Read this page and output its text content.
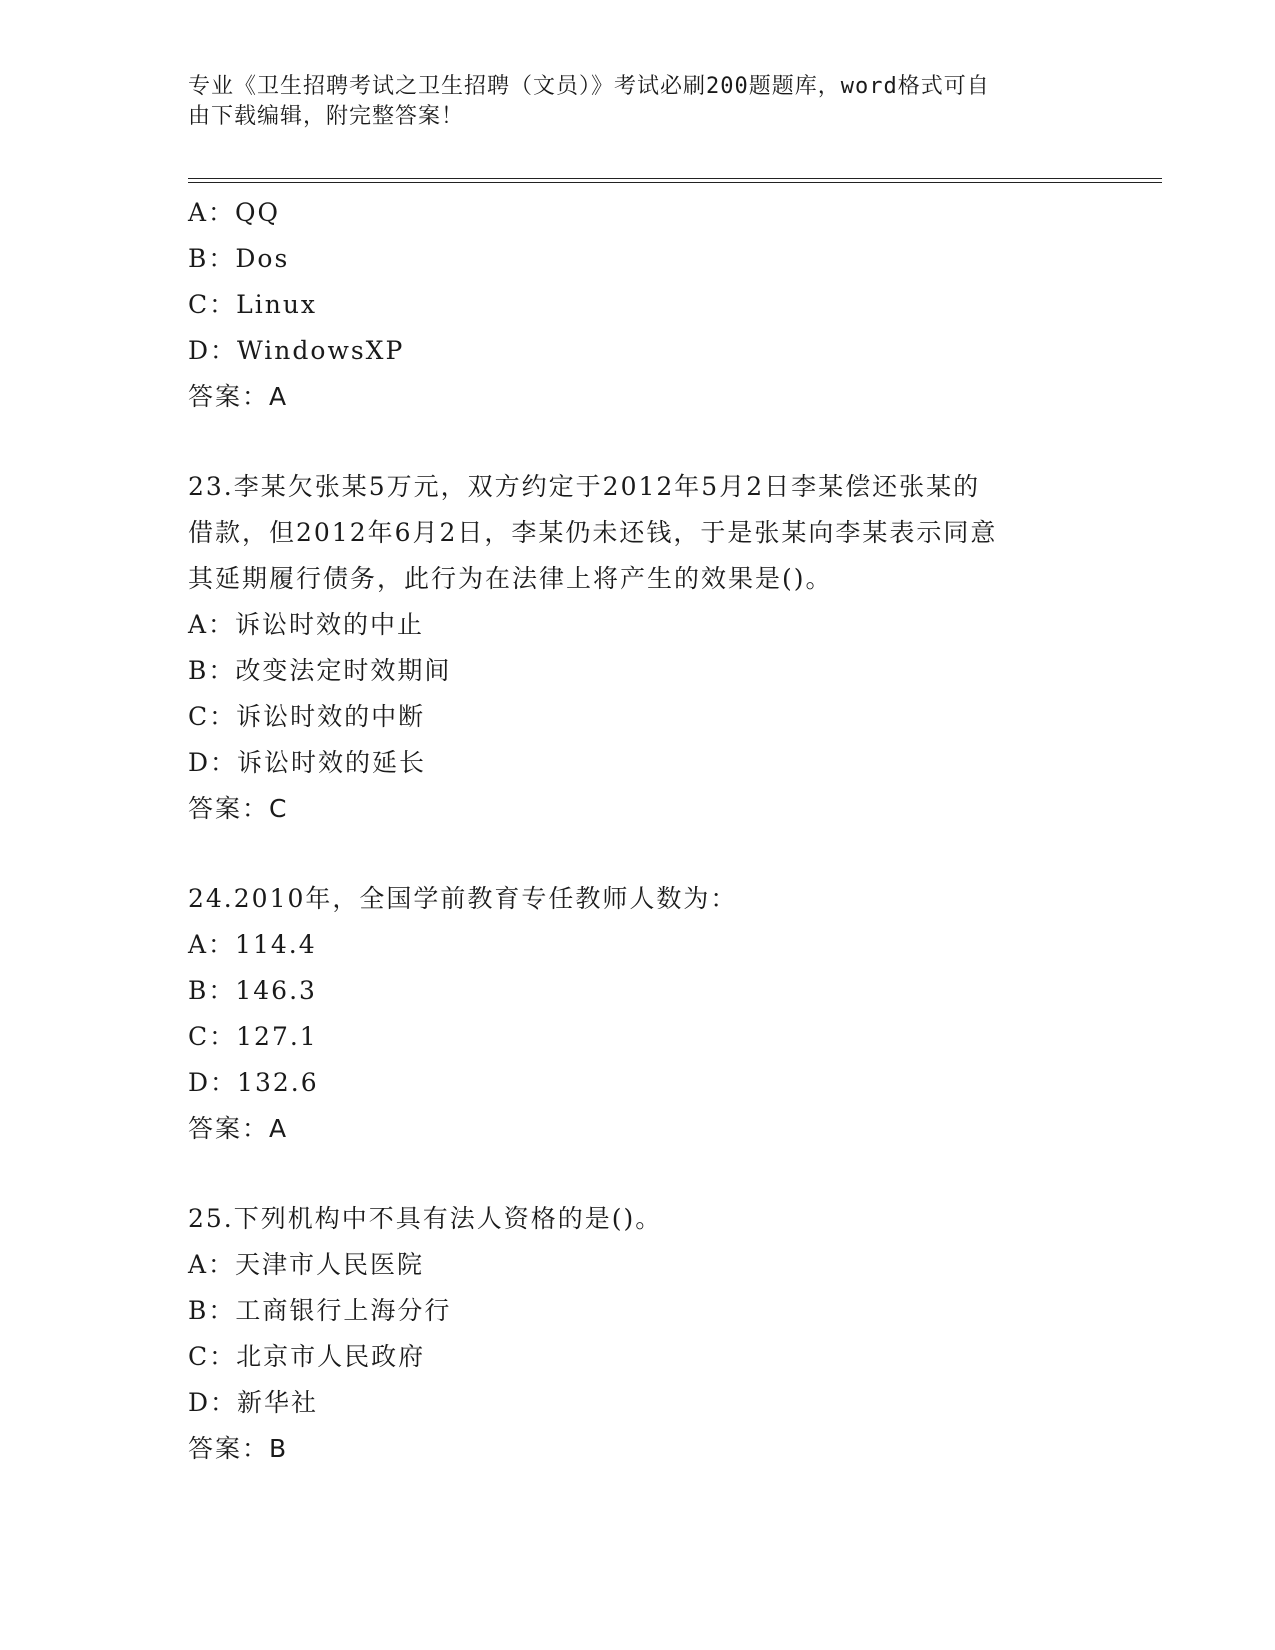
专业《卫生招聘考试之卫生招聘（文员）》考试必刷200题题库，word格式可自
由下载编辑，附完整答案！
A：QQ
B：Dos
C：Linux
D：WindowsXP
答案：A
23.李某欠张某5万元，双方约定于2012年5月2日李某偿还张某的
借款，但2012年6月2日，李某仍未还钱，于是张某向李某表示同意
其延期履行债务，此行为在法律上将产生的效果是()。
A：诉讼时效的中止
B：改变法定时效期间
C：诉讼时效的中断
D：诉讼时效的延长
答案：C
24.2010年，全国学前教育专任教师人数为：
A：114.4
B：146.3
C：127.1
D：132.6
答案：A
25.下列机构中不具有法人资格的是()。
A：天津市人民医院
B：工商银行上海分行
C：北京市人民政府
D：新华社
答案：B
